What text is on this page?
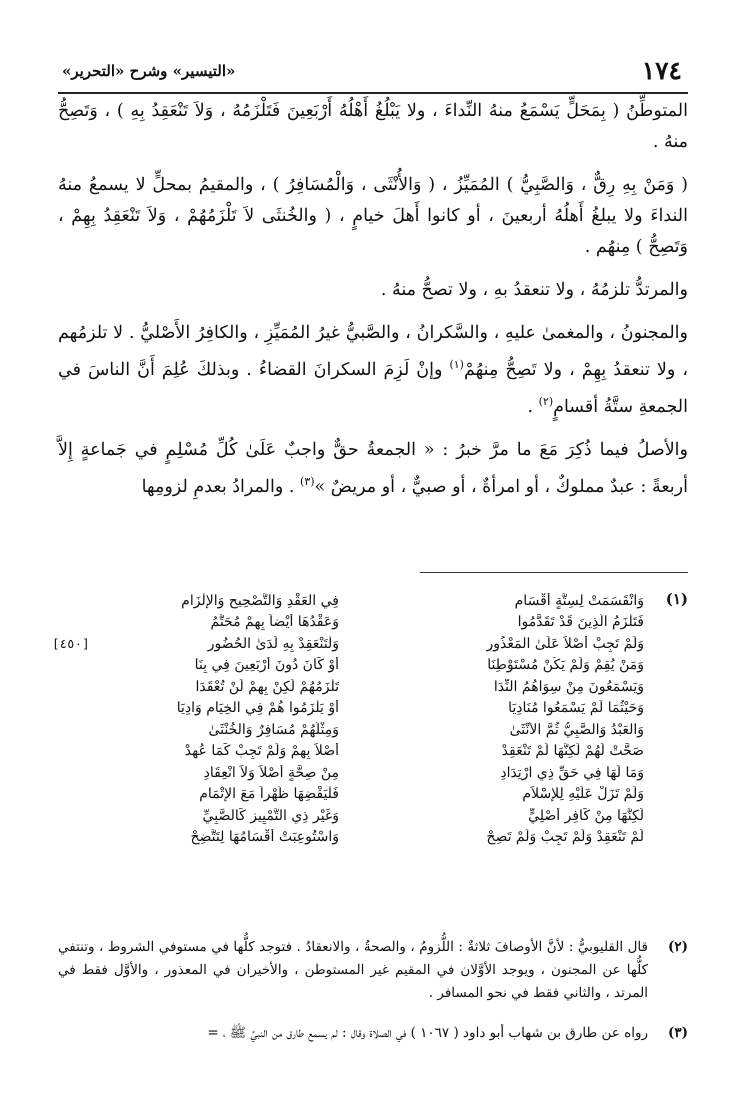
١٧٤
«التيسير» وشرح «التحرير»

المتوطِّنُ ( بِمَحَلٍّ يَسْمَعُ منهُ النِّداءَ ، ولا يَبْلُغُ أَهْلُهُ أَرْبَعِينَ فَتَلْزَمُهُ ، وَلاَ تَنْعَقِدُ بِهِ ) ، وَتَصِحُّ منهُ .

( وَمَنْ بِهِ رِقٌّ ، وَالصَّبِيُّ ) المُمَيِّزُ ، ( وَالأُنْثَى ، وَالْمُسَافِرُ ) ، والمقيمُ بمحلٍّ لا يسمعُ منهُ النداءَ ولا يبلغُ أَهلُهُ أربعينَ ، أو كانوا أَهلَ خيامٍ ، ( والخُنثَى لاَ تَلْزَمُهُمْ ، وَلاَ تَنْعَقِدُ بِهِمْ ، وَتَصِحُّ ) مِنهُم .

والمرتدُّ تلزمُهُ ، ولا تنعقدُ بهِ ، ولا تصحُّ منهُ .

والمجنونُ ، والمغمىٰ عليهِ ، والسَّكرانُ ، والصَّبيُّ غيرُ المُمَيِّزِ ، والكافِرُ الأَصْليُّ . لا تلزمُهم ، ولا تنعقدُ بِهِمْ ، ولا تَصِحُّ مِنهُمْ$^{(١)}$ وإنْ لَزِمَ السكرانَ القضاءُ . وبذلكَ عُلِمَ أَنَّ الناسَ في الجمعةِ ستَّةُ أقسامٍ$^{(٢)}$ .

والأصلُ فيما ذُكِرَ مَعَ ما مرَّ خبرُ : « الجمعةُ حقٌّ واجبٌ عَلَىٰ كُلِّ مُسْلِمٍ في جَماعةٍ إِلاَّ أربعةً : عبدٌ مملوكٌ ، أو امرأةٌ ، أو صبيٌّ ، أو مريضٌ »$^{(٣)}$ . والمرادُ بعدمِ لزومِها

(١)
وَانْقَسَمَتْ لِسِتَّةٍ أَقْسَامِ
فِي العَقْدِ وَالتَّصْحِيحِ وَالإِلْزَامِ
فَتَلْزَمُ الَّذِينَ قَدْ تَقَدَّمُوا
وَعَقْدُهَا أَيْضاً بِهِمْ مُحَتَّمُ
وَلَمْ تَجِبْ أَصْلاً عَلَىٰ المَعْذُورِ
وَلْتَنْعَقِدْ بِهِ لَدَىٰ الحُضُورِ
[٤٥٠]
وَمَنْ يُقِمْ وَلَمْ يَكُنْ مُسْتَوْطِنَا
أَوْ كَانَ دُونَ أَرْبَعِينَ فِي بِنَا
وَيَسْمَعُونَ مِنْ سِوَاهُمُ النِّدَا
تَلْزَمُهُمْ لَكِنْ بِهِمْ لَنْ تُعْقَدَا
وَحَيْثُمَا لَمْ يَسْمَعُوا مُنَادِيَا
أَوْ يَلْزَمُوا هُمْ فِي الخِيَامِ وَادِيَا
وَالعَبْدُ وَالصَّبِيُّ ثُمَّ الأُنْثَىٰ
وَمِثْلُهُمْ مُسَافِرٌ وَالخُنْثَىٰ
صَحَّتْ لَهُمْ لَكِنَّهَا لَمْ تَنْعَقِدْ
أَصْلاً بِهِمْ وَلَمْ تَجِبْ كَمَا عُهِدْ
وَمَا لَهَا فِي حَقِّ ذِي ارْتِدَادِ
مِنْ صِحَّةٍ أَصْلاً وَلاَ انْعِقَادِ
وَلَمْ تَزَلْ عَلَيْهِ لِلإِسْلاَمِ
فَلْيَقْضِهَا ظُهْراً مَعَ الإِتْمَامِ
لَكِنَّهَا مِنْ كَافِرٍ أَصْلِيٍّ
وَغَيْرِ ذِي التَّمْيِيزِ كَالصَّبِيِّ
لَمْ تَنْعَقِدْ وَلَمْ تَجِبْ وَلَمْ تَصِحْ
وَاسْتُوعِبَتْ أَقْسَامُهَا لِتَتَّضِحْ
(٢)
قال القليوبيُّ : لأنَّ الأوصافَ ثلاثةٌ : اللُّزومُ ، والصحةُ ، والانعقادُ . فتوجد كلُّها في مستوفي الشروط ، وتنتفي كلُّها عن المجنون ، ويوجد الأوَّلان في المقيم غير المستوطن ، والأخيران في المعذور ، والأوَّل فقط في المرتد ، والثاني فقط في نحو المسافر .
(٣)
رواه عن طارق بن شهاب أبو داود ( ١٠٦٧ ) في الصلاة وقال : لم يسمع طارق من النبيِّ ﷺ ، =
